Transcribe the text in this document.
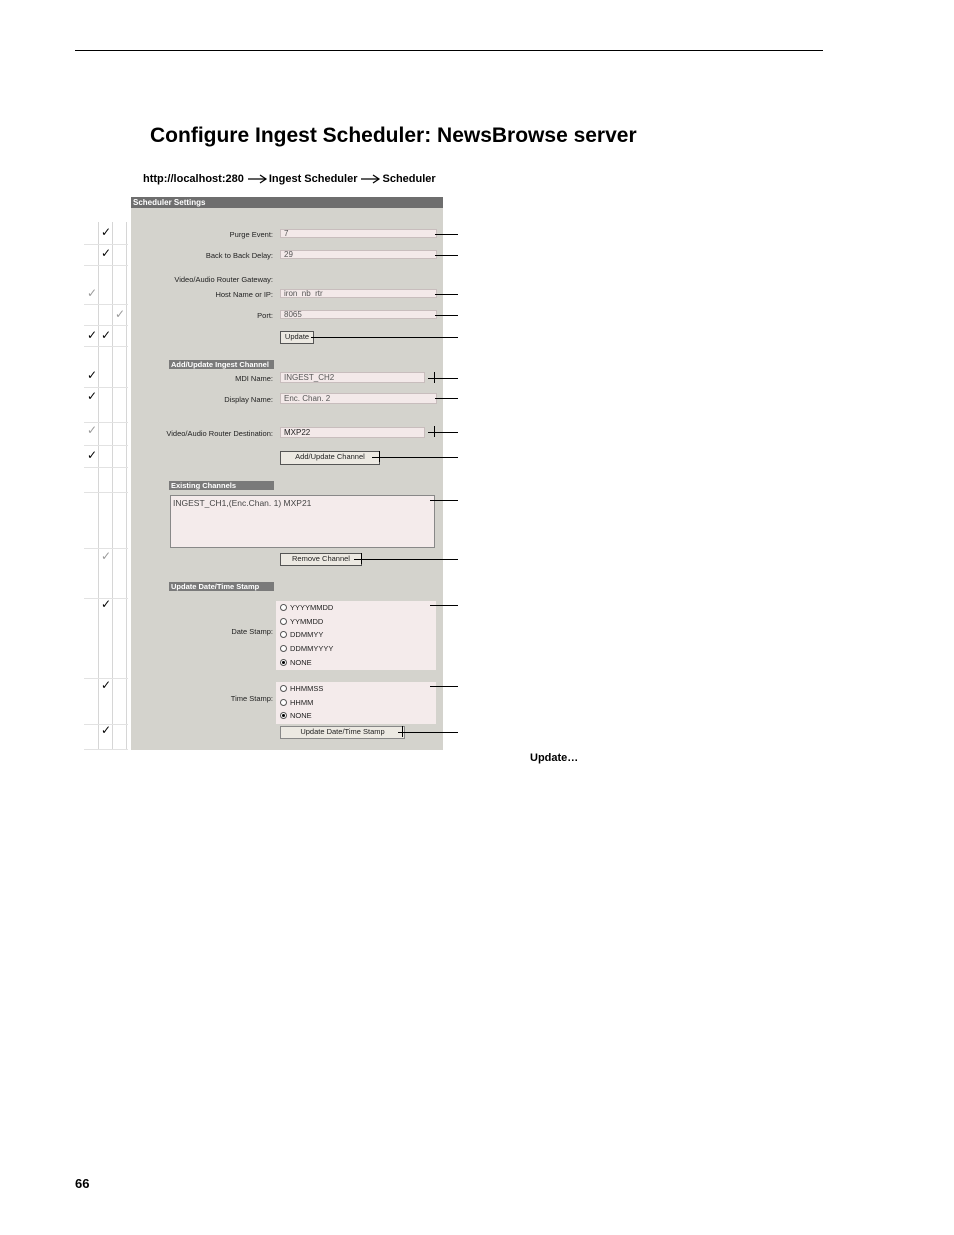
Configure Ingest Scheduler: NewsBrowse server
http://localhost:280 Ingest Scheduler Scheduler
✓
✓
✓
✓
✓ ✓
✓
✓
✓
✓
✓
✓
✓
✓
Scheduler Settings
Purge Event:	7
Back to Back Delay:	29
Video/Audio Router Gateway:
Host Name or IP:	iron_nb_rtr
Port:	8065
Update
Add/Update Ingest Channel
MDI Name:	INGEST_CH2
Display Name:	Enc. Chan. 2
Video/Audio Router Destination:	MXP22
Add/Update Channel
Existing Channels
INGEST_CH1,(Enc.Chan. 1) MXP21
Remove Channel
Update Date/Time Stamp
Date Stamp:
YYYYMMDD
YYMMDD
DDMMYY
DDMMYYYY
NONE
Time Stamp:
HHMMSS
HHMM
NONE
Update Date/Time Stamp
Update…
66
